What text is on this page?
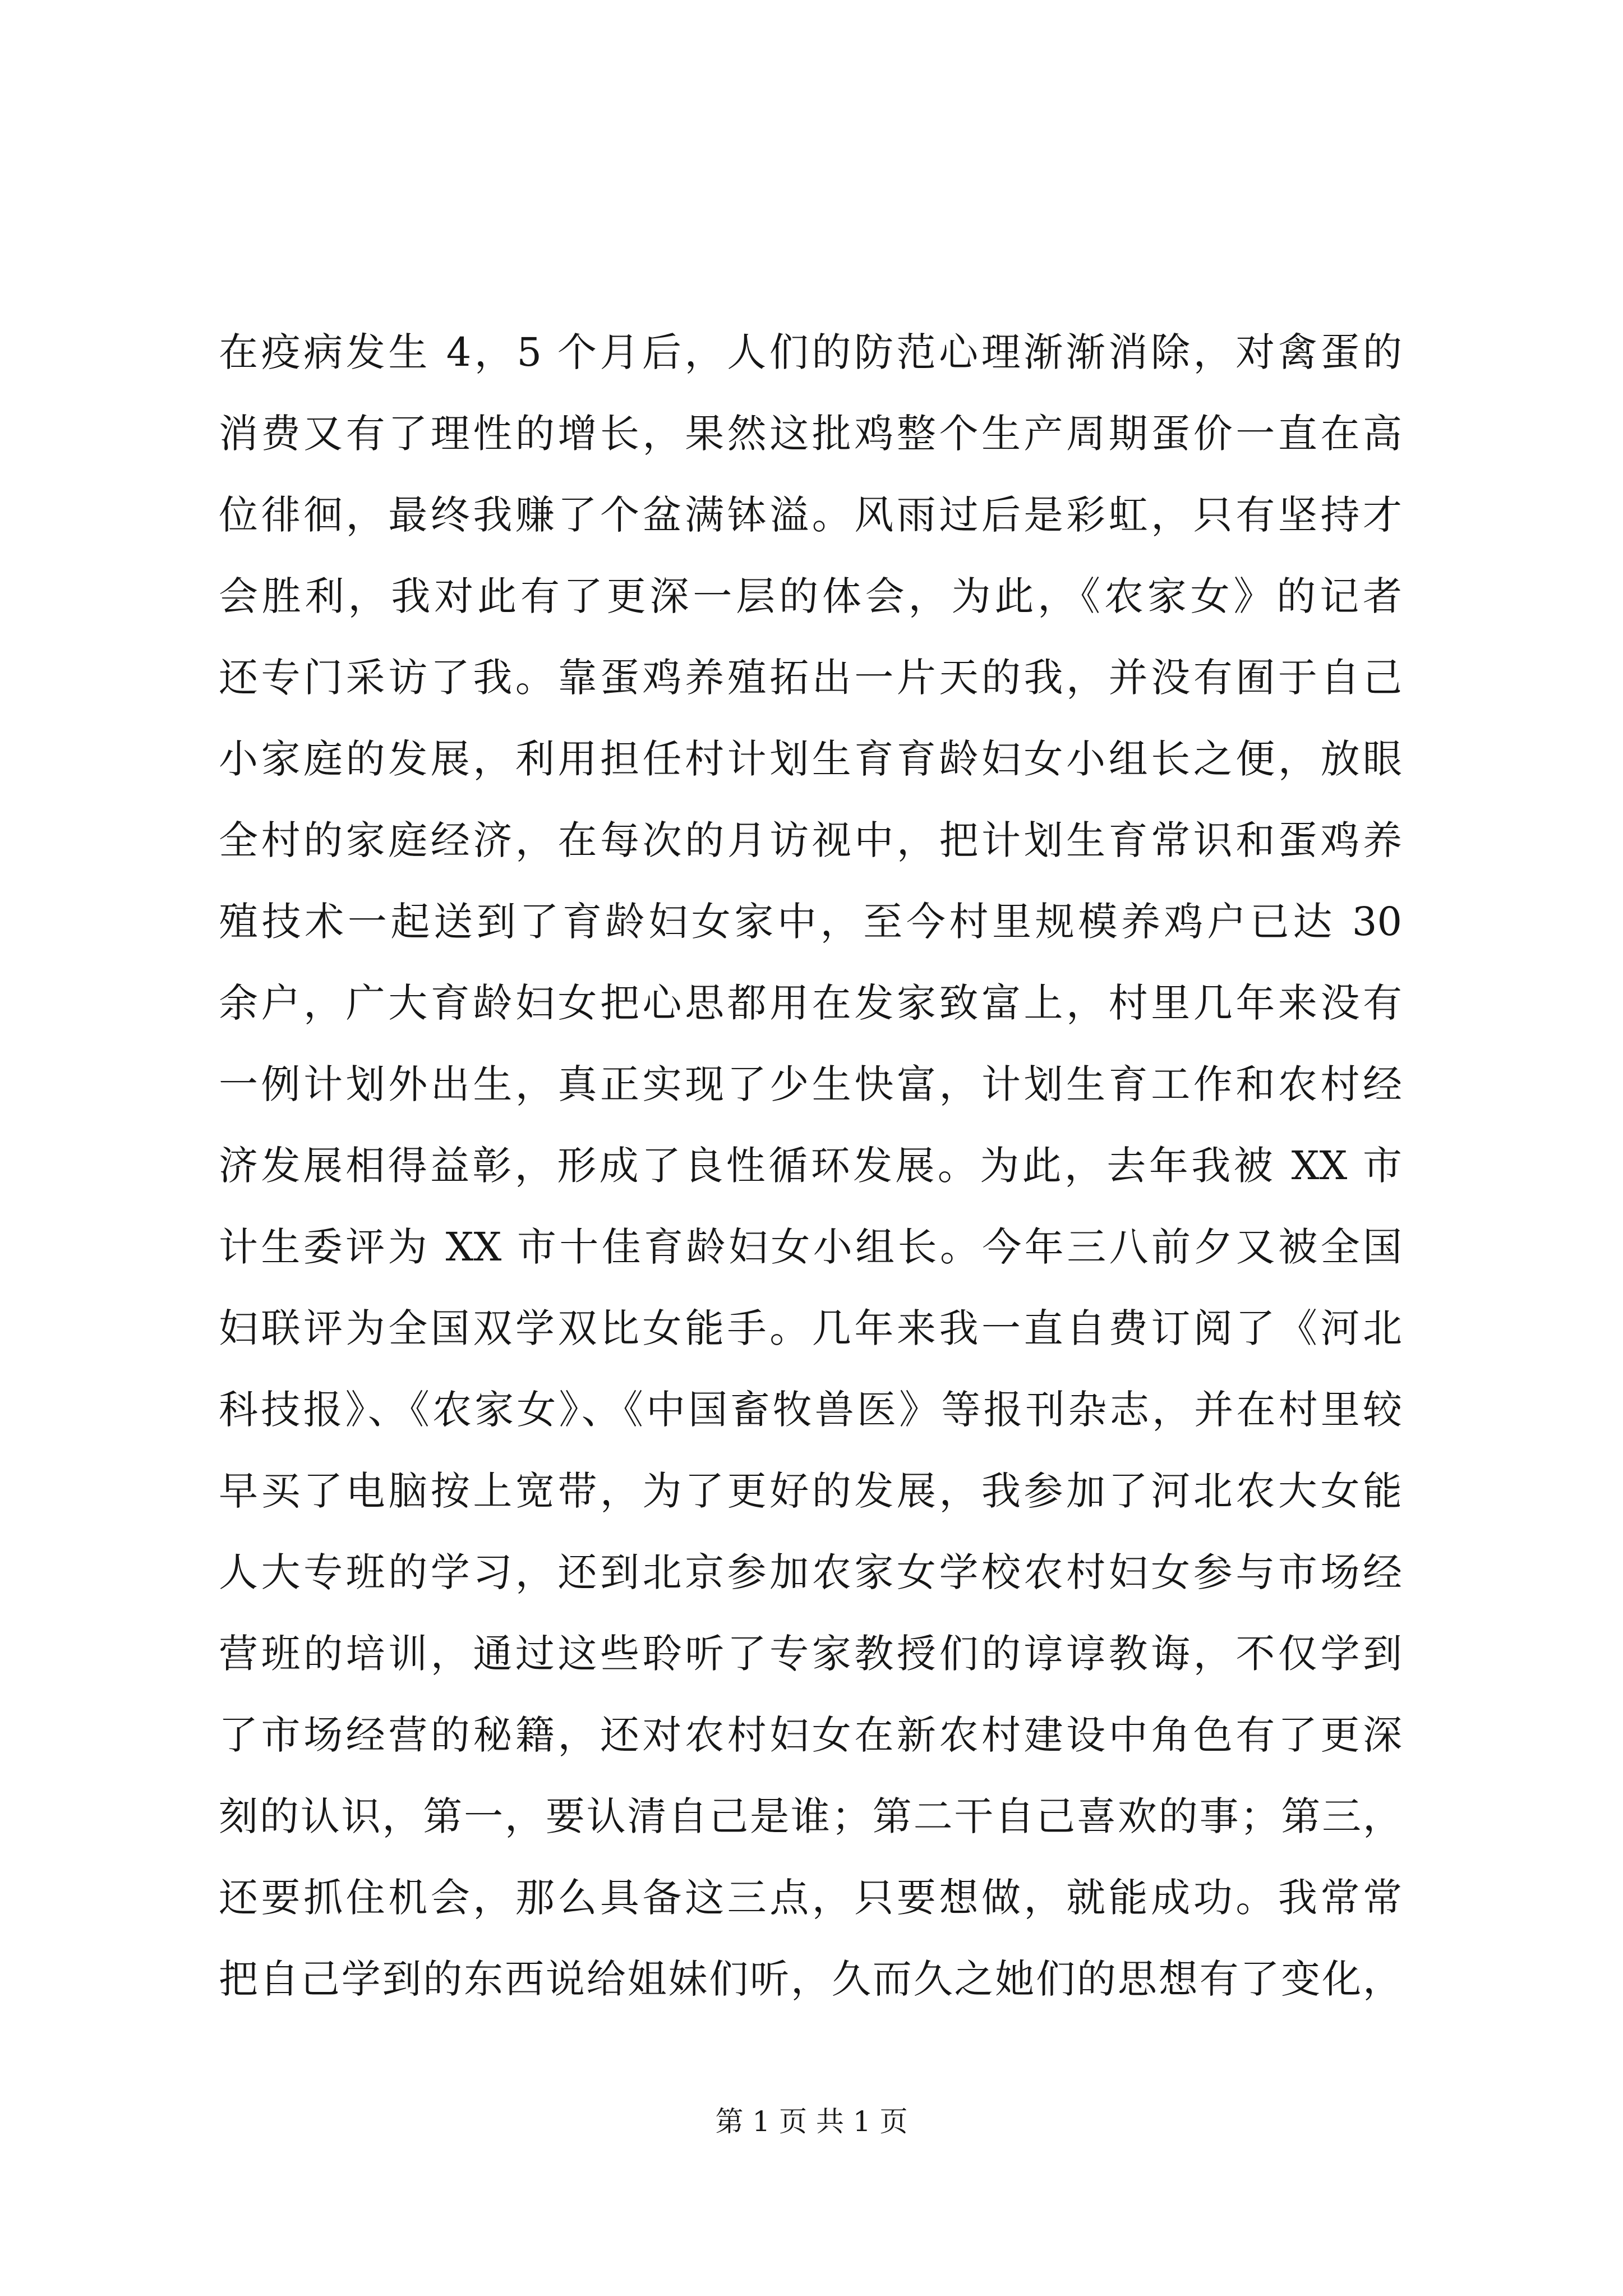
在疫病发生 4，5 个月后，人们的防范心理渐渐消除，对禽蛋的
消费又有了理性的增长，果然这批鸡整个生产周期蛋价一直在高
位徘徊，最终我赚了个盆满钵溢。风雨过后是彩虹，只有坚持才
会胜利，我对此有了更深一层的体会，为此，《农家女》的记者
还专门采访了我。靠蛋鸡养殖拓出一片天的我，并没有囿于自己
小家庭的发展，利用担任村计划生育育龄妇女小组长之便，放眼
全村的家庭经济，在每次的月访视中，把计划生育常识和蛋鸡养
殖技术一起送到了育龄妇女家中，至今村里规模养鸡户已达 30
余户，广大育龄妇女把心思都用在发家致富上，村里几年来没有
一例计划外出生，真正实现了少生快富，计划生育工作和农村经
济发展相得益彰，形成了良性循环发展。为此，去年我被 XX 市
计生委评为 XX 市十佳育龄妇女小组长。今年三八前夕又被全国
妇联评为全国双学双比女能手。几年来我一直自费订阅了《河北
科技报》、《农家女》、《中国畜牧兽医》等报刊杂志，并在村里较
早买了电脑按上宽带，为了更好的发展，我参加了河北农大女能
人大专班的学习，还到北京参加农家女学校农村妇女参与市场经
营班的培训，通过这些聆听了专家教授们的谆谆教诲，不仅学到
了市场经营的秘籍，还对农村妇女在新农村建设中角色有了更深
刻的认识，第一，要认清自己是谁；第二干自己喜欢的事；第三，
还要抓住机会，那么具备这三点，只要想做，就能成功。我常常
把自己学到的东西说给姐妹们听，久而久之她们的思想有了变化，
第 1 页 共 1 页
